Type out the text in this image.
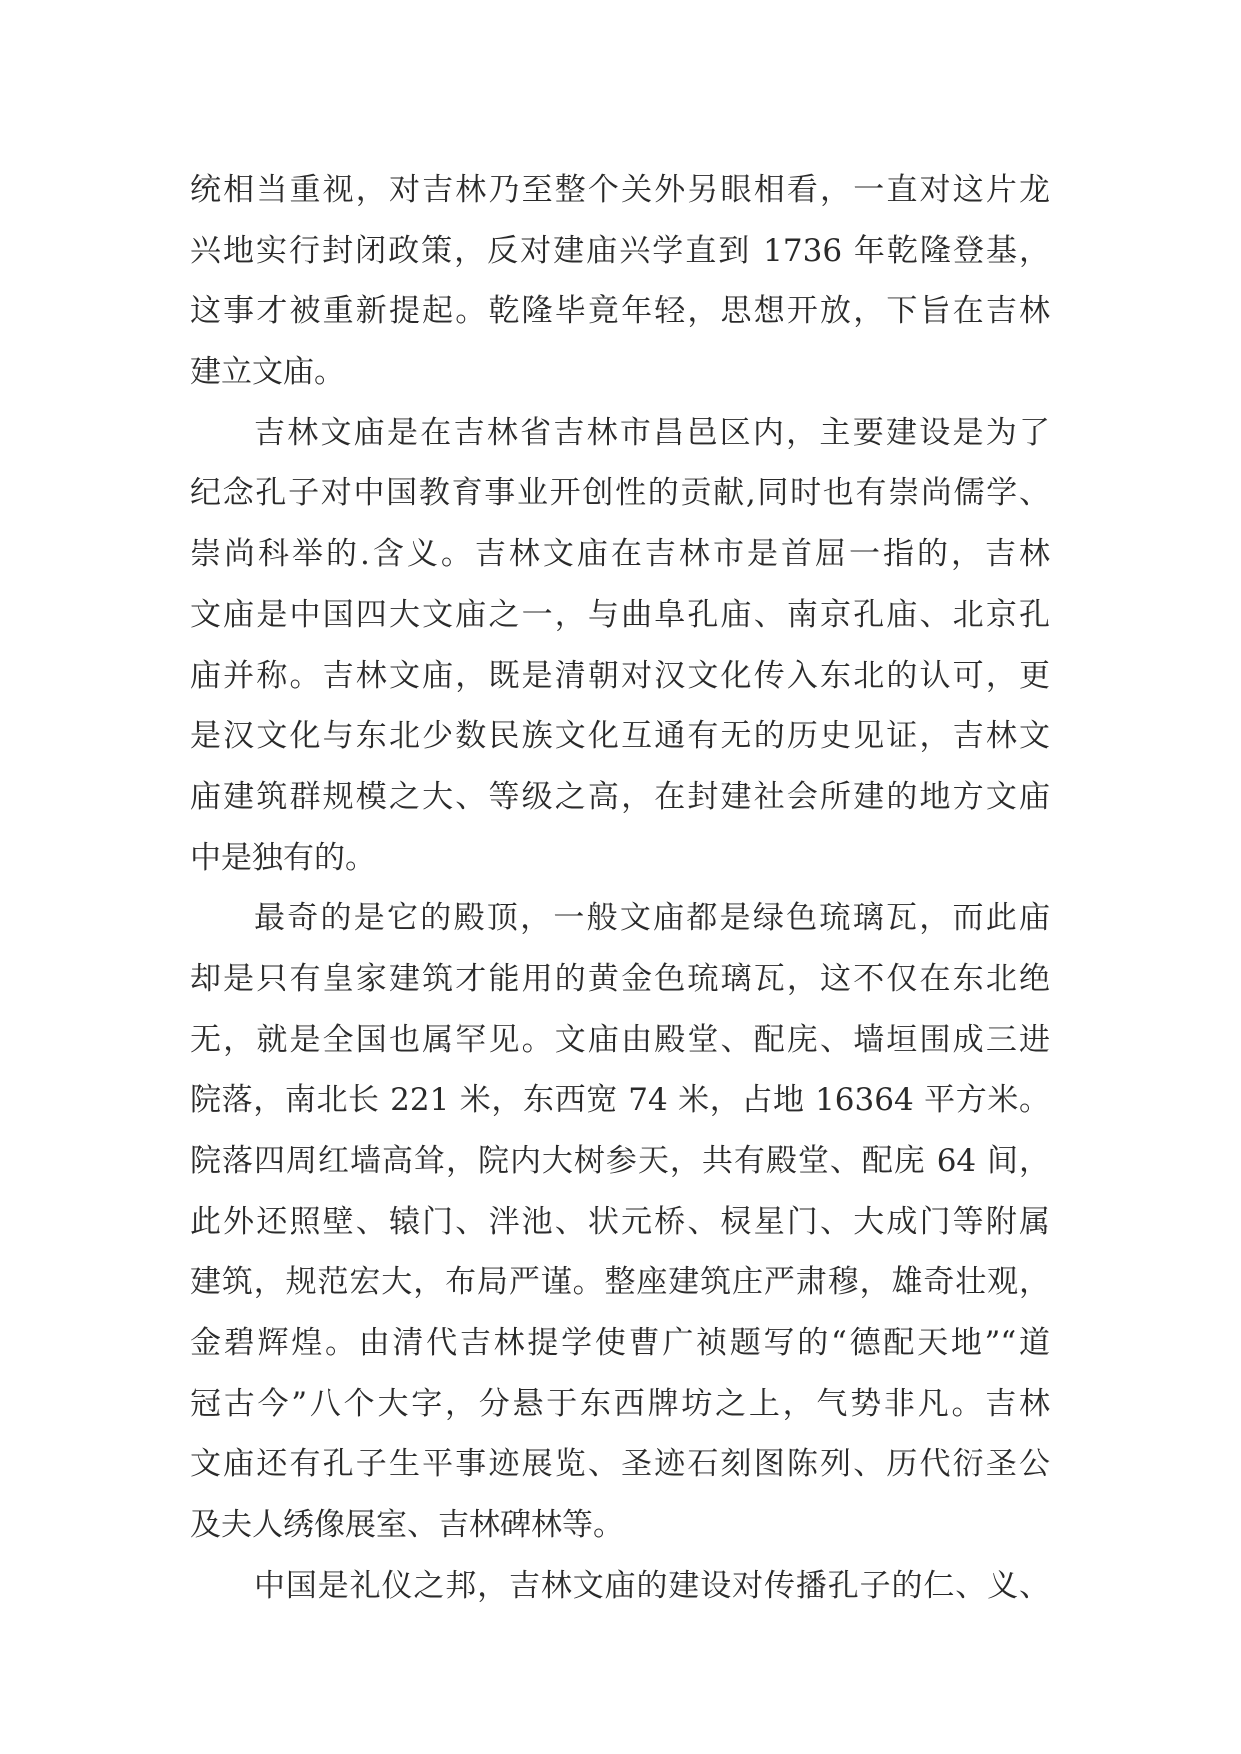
统相当重视，对吉林乃至整个关外另眼相看，一直对这片龙
兴地实行封闭政策，反对建庙兴学直到 1736 年乾隆登基，
这事才被重新提起。乾隆毕竟年轻，思想开放，下旨在吉林
建立文庙。
吉林文庙是在吉林省吉林市昌邑区内，主要建设是为了
纪念孔子对中国教育事业开创性的贡献,同时也有崇尚儒学、
崇尚科举的.含义。吉林文庙在吉林市是首屈一指的，吉林
文庙是中国四大文庙之一，与曲阜孔庙、南京孔庙、北京孔
庙并称。吉林文庙，既是清朝对汉文化传入东北的认可，更
是汉文化与东北少数民族文化互通有无的历史见证，吉林文
庙建筑群规模之大、等级之高，在封建社会所建的地方文庙
中是独有的。
最奇的是它的殿顶，一般文庙都是绿色琉璃瓦，而此庙
却是只有皇家建筑才能用的黄金色琉璃瓦，这不仅在东北绝
无，就是全国也属罕见。文庙由殿堂、配庑、墙垣围成三进
院落，南北长 221 米，东西宽 74 米，占地 16364 平方米。
院落四周红墙高耸，院内大树参天，共有殿堂、配庑 64 间，
此外还照壁、辕门、泮池、状元桥、棂星门、大成门等附属
建筑，规范宏大，布局严谨。整座建筑庄严肃穆，雄奇壮观，
金碧辉煌。由清代吉林提学使曹广祯题写的“德配天地”“道
冠古今”八个大字，分悬于东西牌坊之上，气势非凡。吉林
文庙还有孔子生平事迹展览、圣迹石刻图陈列、历代衍圣公
及夫人绣像展室、吉林碑林等。
中国是礼仪之邦，吉林文庙的建设对传播孔子的仁、义、
